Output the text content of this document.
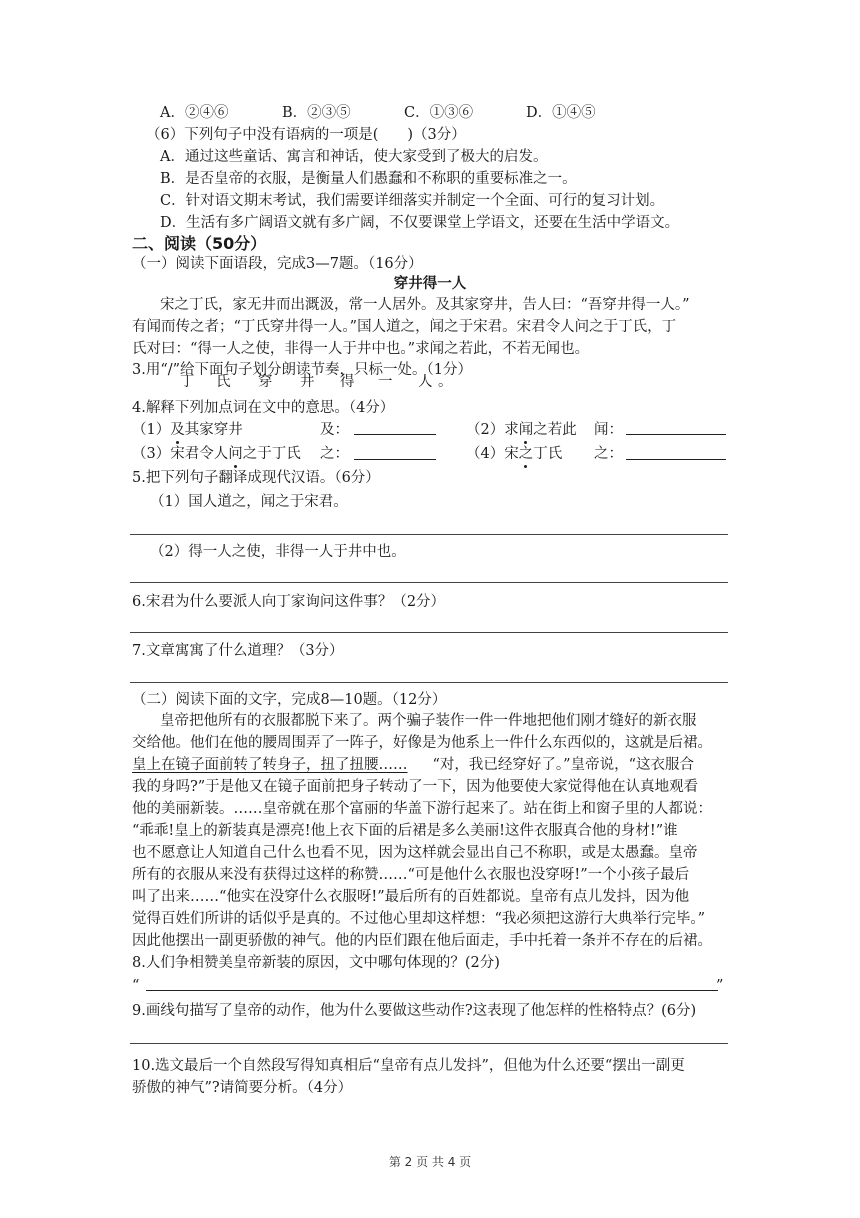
A．②④⑥	B．②③⑤	C．①③⑥	D．①④⑤
（6）下列句子中没有语病的一项是(　　)（3分）
A．通过这些童话、寓言和神话，使大家受到了极大的启发。
B．是否皇帝的衣服，是衡量人们愚蠢和不称职的重要标准之一。
C．针对语文期末考试，我们需要详细落实并制定一个全面、可行的复习计划。
D．生活有多广阔语文就有多广阔，不仅要课堂上学语文，还要在生活中学语文。
二、阅读（50分）
（一）阅读下面语段，完成3—7题。（16分）
穿井得一人
宋之丁氏，家无井而出溉汲，常一人居外。及其家穿井，告人曰：“吾穿井得一人。”
有闻而传之者；“丁氏穿井得一人。”国人道之，闻之于宋君。宋君令人问之于丁氏，丁
氏对曰：“得一人之使，非得一人于井中也。”求闻之若此，不若无闻也。
3.用“/”给下面句子划分朗读节奏，只标一处。（1分）
丁 氏 穿 井 得 一 人 。
4.解释下列加点词在文中的意思。（4分）
（1）及其家穿井	及：	（2）求闻之若此 闻：
（3）宋君令人问之于丁氏 之：	（4）宋之丁氏 之：
5.把下列句子翻译成现代汉语。（6分）
（1）国人道之，闻之于宋君。
（2）得一人之使，非得一人于井中也。
6.宋君为什么要派人向丁家询问这件事？（2分）
7.文章寓寓了什么道理？（3分）
（二）阅读下面的文字，完成8—10题。（12分）
皇帝把他所有的衣服都脱下来了。两个骗子装作一件一件地把他们刚才缝好的新衣服
交给他。他们在他的腰周围弄了一阵子，好像是为他系上一件什么东西似的，这就是后裙。
皇上在镜子面前转了转身子，扭了扭腰…… 　“对，我已经穿好了。”皇帝说，“这衣服合
我的身吗?”于是他又在镜子面前把身子转动了一下，因为他要使大家觉得他在认真地观看
他的美丽新装。……皇帝就在那个富丽的华盖下游行起来了。站在街上和窗子里的人都说：
“乖乖!皇上的新装真是漂亮!他上衣下面的后裙是多么美丽!这件衣服真合他的身材!”谁
也不愿意让人知道自己什么也看不见，因为这样就会显出自己不称职，或是太愚蠢。皇帝
所有的衣服从来没有获得过这样的称赞……“可是他什么衣服也没穿呀!”一个小孩子最后
叫了出来……“他实在没穿什么衣服呀!”最后所有的百姓都说。皇帝有点儿发抖，因为他
觉得百姓们所讲的话似乎是真的。不过他心里却这样想：“我必须把这游行大典举行完毕。”
因此他摆出一副更骄傲的神气。他的内臣们跟在他后面走，手中托着一条并不存在的后裙。
8.人们争相赞美皇帝新装的原因，文中哪句体现的？(2分)
“	”
9.画线句描写了皇帝的动作，他为什么要做这些动作?这表现了他怎样的性格特点？(6分)
10.选文最后一个自然段写得知真相后“皇帝有点儿发抖”，但他为什么还要“摆出一副更
骄傲的神气”?请简要分析。（4分）
第 2 页 共 4 页
